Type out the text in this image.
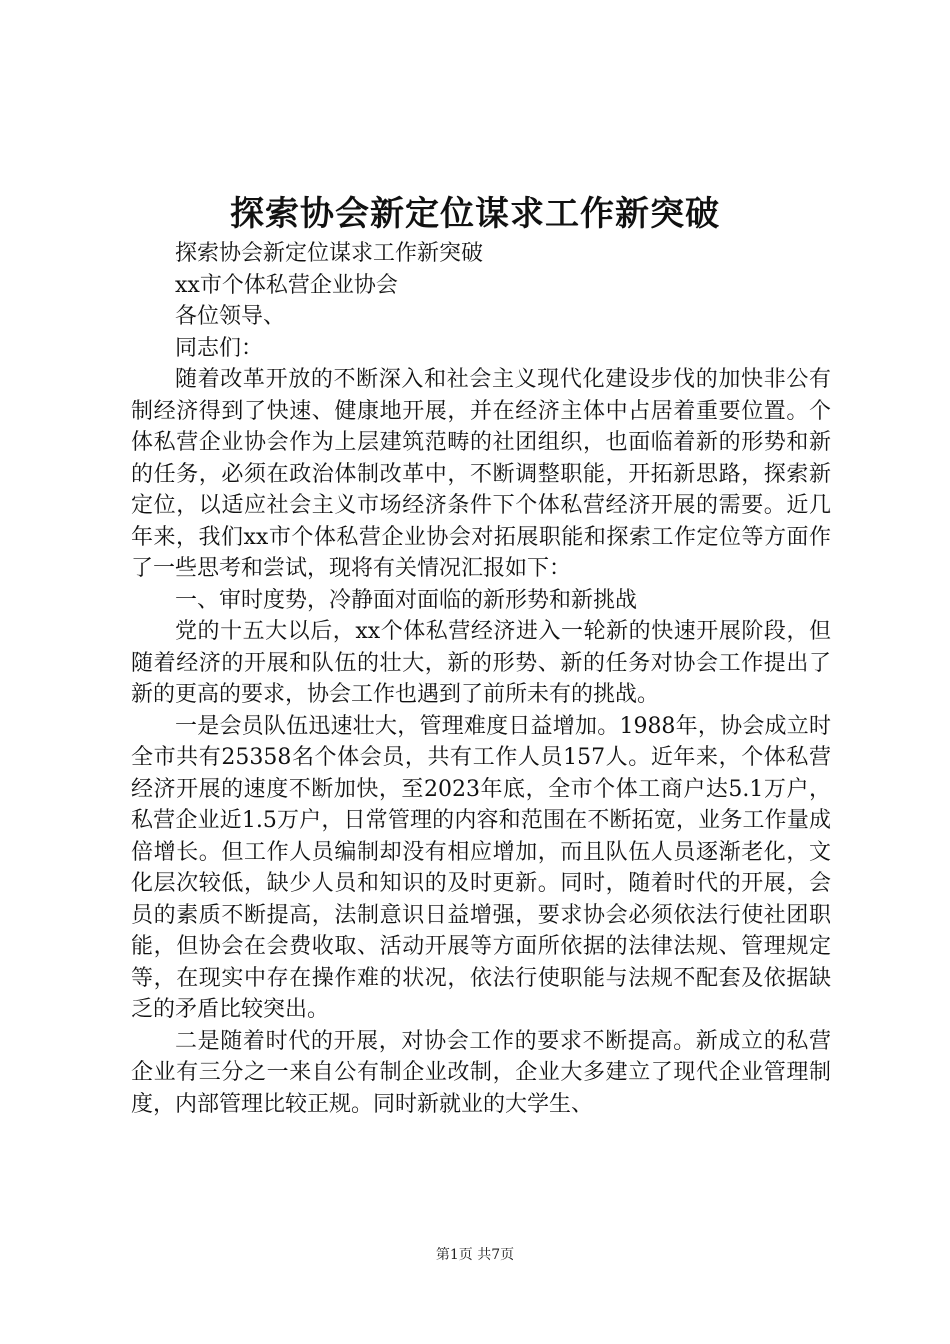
探索协会新定位谋求工作新突破

探索协会新定位谋求工作新突破

xx市个体私营企业协会

各位领导、

同志们：

随着改革开放的不断深入和社会主义现代化建设步伐的加快非公有制经济得到了快速、健康地开展，并在经济主体中占居着重要位置。个体私营企业协会作为上层建筑范畴的社团组织，也面临着新的形势和新的任务，必须在政治体制改革中，不断调整职能，开拓新思路，探索新定位，以适应社会主义市场经济条件下个体私营经济开展的需要。近几年来，我们xx市个体私营企业协会对拓展职能和探索工作定位等方面作了一些思考和尝试，现将有关情况汇报如下：

一、审时度势，冷静面对面临的新形势和新挑战

党的十五大以后，xx个体私营经济进入一轮新的快速开展阶段，但随着经济的开展和队伍的壮大，新的形势、新的任务对协会工作提出了新的更高的要求，协会工作也遇到了前所未有的挑战。

一是会员队伍迅速壮大，管理难度日益增加。1988年，协会成立时全市共有25358名个体会员，共有工作人员157人。近年来，个体私营经济开展的速度不断加快，至2023年底，全市个体工商户达5.1万户，私营企业近1.5万户，日常管理的内容和范围在不断拓宽，业务工作量成倍增长。但工作人员编制却没有相应增加，而且队伍人员逐渐老化，文化层次较低，缺少人员和知识的及时更新。同时，随着时代的开展，会员的素质不断提高，法制意识日益增强，要求协会必须依法行使社团职能，但协会在会费收取、活动开展等方面所依据的法律法规、管理规定等，在现实中存在操作难的状况，依法行使职能与法规不配套及依据缺乏的矛盾比较突出。

二是随着时代的开展，对协会工作的要求不断提高。新成立的私营企业有三分之一来自公有制企业改制，企业大多建立了现代企业管理制度，内部管理比较正规。同时新就业的大学生、

第1页 共7页
